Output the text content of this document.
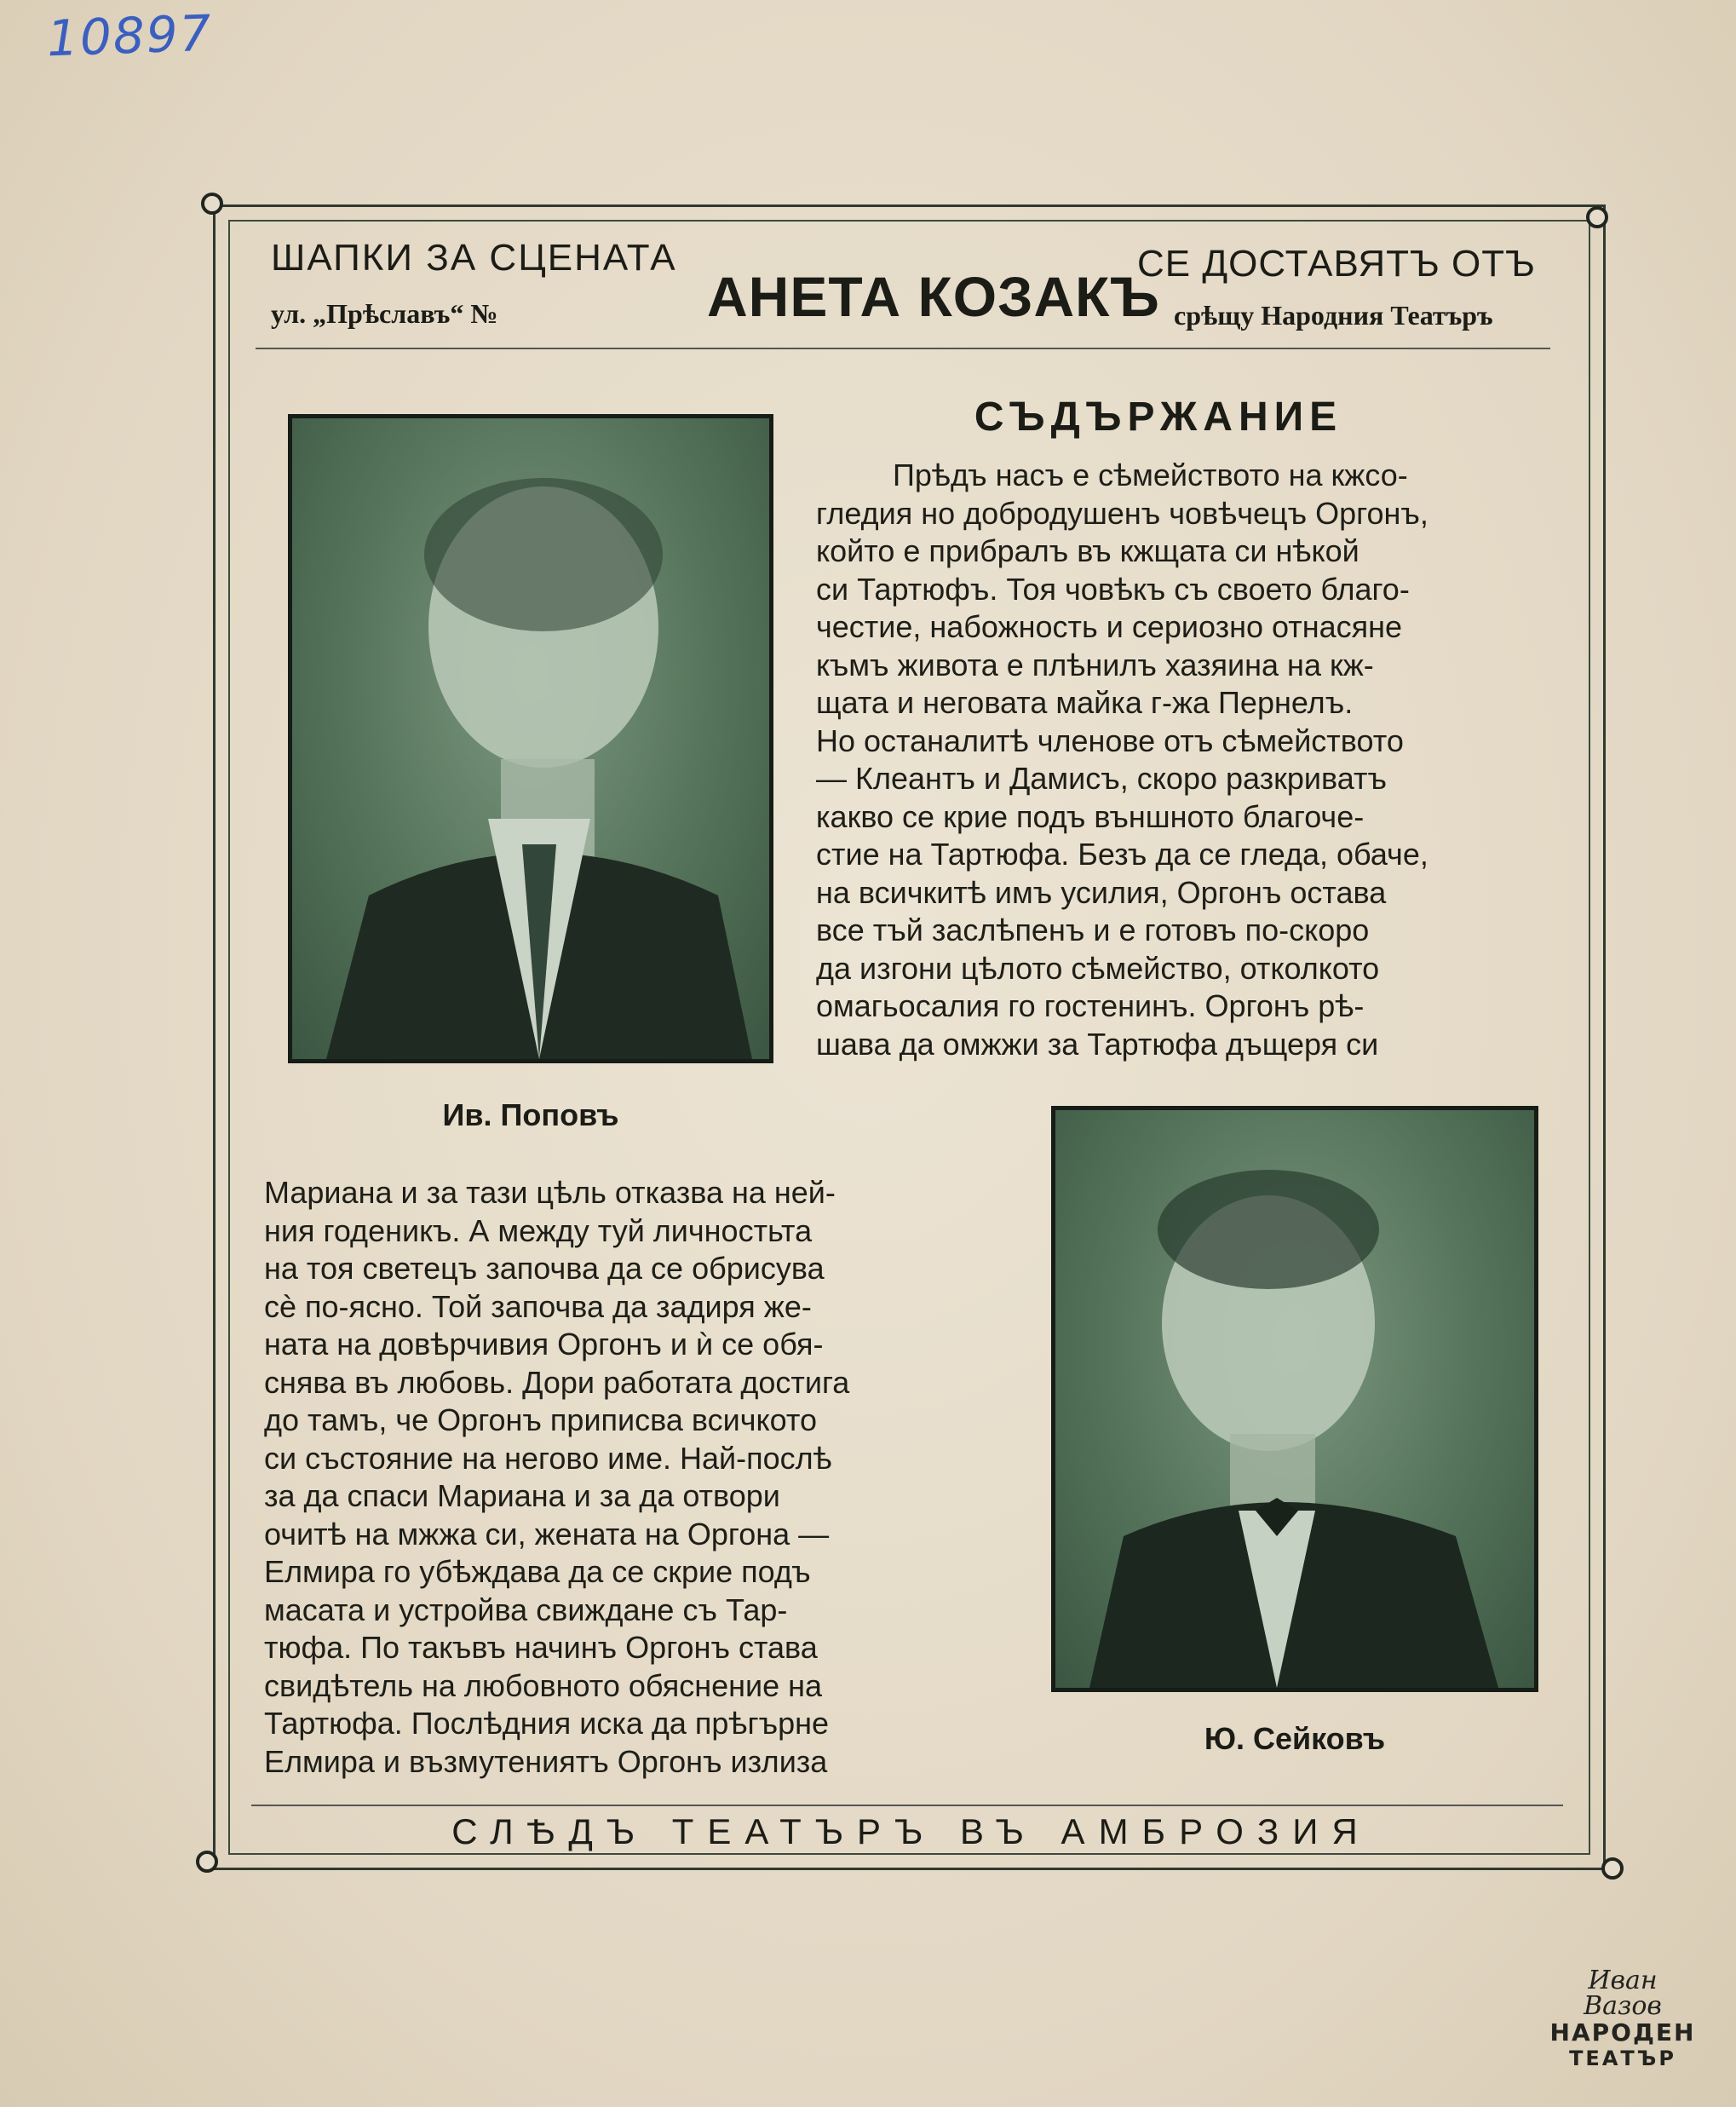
10897
ШАПКИ ЗА СЦЕНАТА
ул. „Прѣславъ“ №	АНЕТА КОЗАКЪ
СЕ ДОСТАВЯТЪ ОТЪ
срѣщу Народния Театъръ
Ив. Поповъ
Ю. Сейковъ
СЪДЪРЖАНИЕ
Прѣдъ насъ е сѣмейството на кжсо-
гледия но добродушенъ човѣчецъ Оргонъ,
който е прибралъ въ кжщата си нѣкой
си Тартюфъ. Тоя човѣкъ съ своето благо-
честие, набожность и сериозно отнасяне
къмъ живота е плѣнилъ хазяина на кж-
щата и неговата майка г-жа Пернелъ.
Но останалитѣ членове отъ сѣмейството
— Клеантъ и Дамисъ, скоро разкриватъ
какво се крие подъ външното благоче-
стие на Тартюфа. Безъ да се гледа, обаче,
на всичкитѣ имъ усилия, Оргонъ остава
все тъй заслѣпенъ и е готовъ по-скоро
да изгони цѣлото сѣмейство, отколкото
омагьосалия го гостенинъ. Оргонъ рѣ-
шава да омжжи за Тартюфа дъщеря си
Мариана и за тази цѣль отказва на ней-
ния годеникъ. А между туй личностьта
на тоя светецъ започва да се обрисува
сѐ по-ясно. Той започва да задиря же-
ната на довѣрчивия Оргонъ и ѝ се обя-
снява въ любовь. Дори работата достига
до тамъ, че Оргонъ приписва всичкото
си състояние на негово име. Най-послѣ
за да спаси Мариана и за да отвори
очитѣ на мжжа си, жената на Оргона —
Елмира го убѣждава да се скрие подъ
масата и устройва свиждане съ Тар-
тюфа. По такъвъ начинъ Оргонъ става
свидѣтель на любовното обяснение на
Тартюфа. Послѣдния иска да прѣгърне
Елмира и възмутениятъ Оргонъ излиза
СЛѢДЪ ТЕАТЪРЪ ВЪ АМБРОЗИЯ
Иван Вазов
НАРОДЕН
ТЕАТЪР
